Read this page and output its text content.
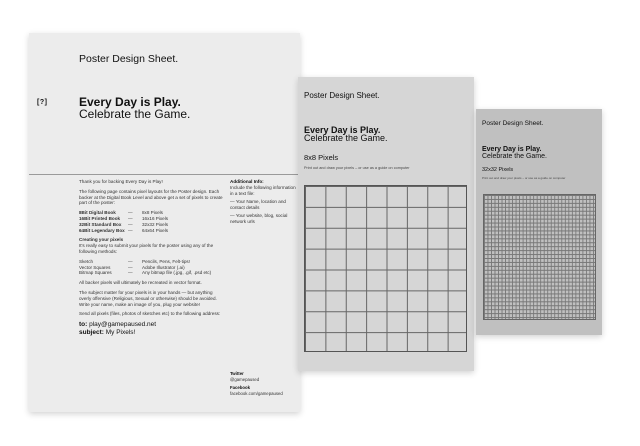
Poster Design Sheet.
[?]	Every Day is Play.
Celebrate the Game.

Thank you for backing Every Day is Play!

The following page contains pixel layouts for the Poster design. Each backer at the Digital Book Level and above get a set of pixels to create part of the poster:

8Bit Digital Book	—	8x8 Pixels
16Bit Printed Book	—	16x16 Pixels
32Bit Standard Box	—	32x32 Pixels
64Bit Legendary Box —	64x64 Pixels
Creating your pixels

It's really easy to submit your pixels for the poster using any of the following methods:

Sketch	—	Pencils, Pens, Felt-tips!
Vector Squares	—	Adobe Illustrator (.ai)
Bitmap Squares	—	Any bitmap file (.jpg, .gif, .psd etc)

All backer pixels will ultimately be recreated in vector format.

The subject matter for your pixels is in your hands — but anything overly offensive (Religious, Sexual or otherwise) should be avoided. Write your name, make an image of you, plug your website!

Send all pixels (files, photos of sketches etc) to the following address:

to: play@gamepaused.net
subject: My Pixels!
Additional Info:
Include the following information in a text file:
— Your Name, location and contact details
— Your website, blog, social network urls
Twitter
@gamepaused
Facebook
facebook.com/gamepaused
Poster Design Sheet.
Every Day is Play.
Celebrate the Game.
8x8 Pixels
Print out and draw your pixels – or use as a guide on computer
Poster Design Sheet.
Every Day is Play.
Celebrate the Game.
32x32 Pixels
Print out and draw your pixels – or use as a guide on computer
